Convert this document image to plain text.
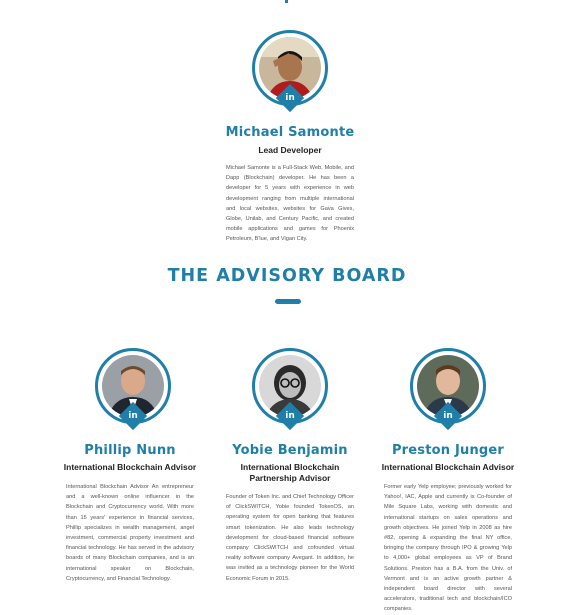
in
Michael Samonte
Lead Developer
Michael Samonte is a Full-Stack Web, Mobile, and Dapp (Blockchain) developer. He has been a developer for 5 years with experience in web development ranging from multiple international and local websites, websites for Gava Gives, Globe, Unilab, and Century Pacific, and created mobile applications and games for Phoenix Petroleum, B'lue, and Vigan City.
THE ADVISORY BOARD
in
Phillip Nunn
International Blockchain Advisor
International Blockchain Advisor An entrepreneur and a well-known online influencer in the Blockchain and Cryptocurrency world. With more than 15 years' experience in financial services, Phillip specializes in wealth management, angel investment, commercial property investment and financial technology. He has served in the advisory boards of many Blockchain companies, and is an international speaker on Blockchain, Cryptocurrency, and Financial Technology.
in
Yobie Benjamin
International Blockchain Partnership Advisor
Founder of Token Inc. and Chief Technology Officer of ClickSWITCH, Yobie founded TokenOS, an operating system for open banking that features smart tokenization. He also leads technology development for cloud-based financial software company ClickSWITCH and cofounded virtual reality software company Avegant. In addition, he was invited as a technology pioneer for the World Economic Forum in 2015.
in
Preston Junger
International Blockchain Advisor
Former early Yelp employee; previously worked for Yahoo!, IAC, Apple and currently is Co-founder of Mile Square Labs, working with domestic and international startups on sales operations and growth objectives. He joined Yelp in 2008 as hire #82, opening & expanding the final NY office, bringing the company through IPO & growing Yelp to 4,000+ global employees as VP of Brand Solutions. Preston has a B.A. from the Univ. of Vermont and is an active growth partner & independent board director with several accelerators, traditional tech and blockchain/ICO companies.
